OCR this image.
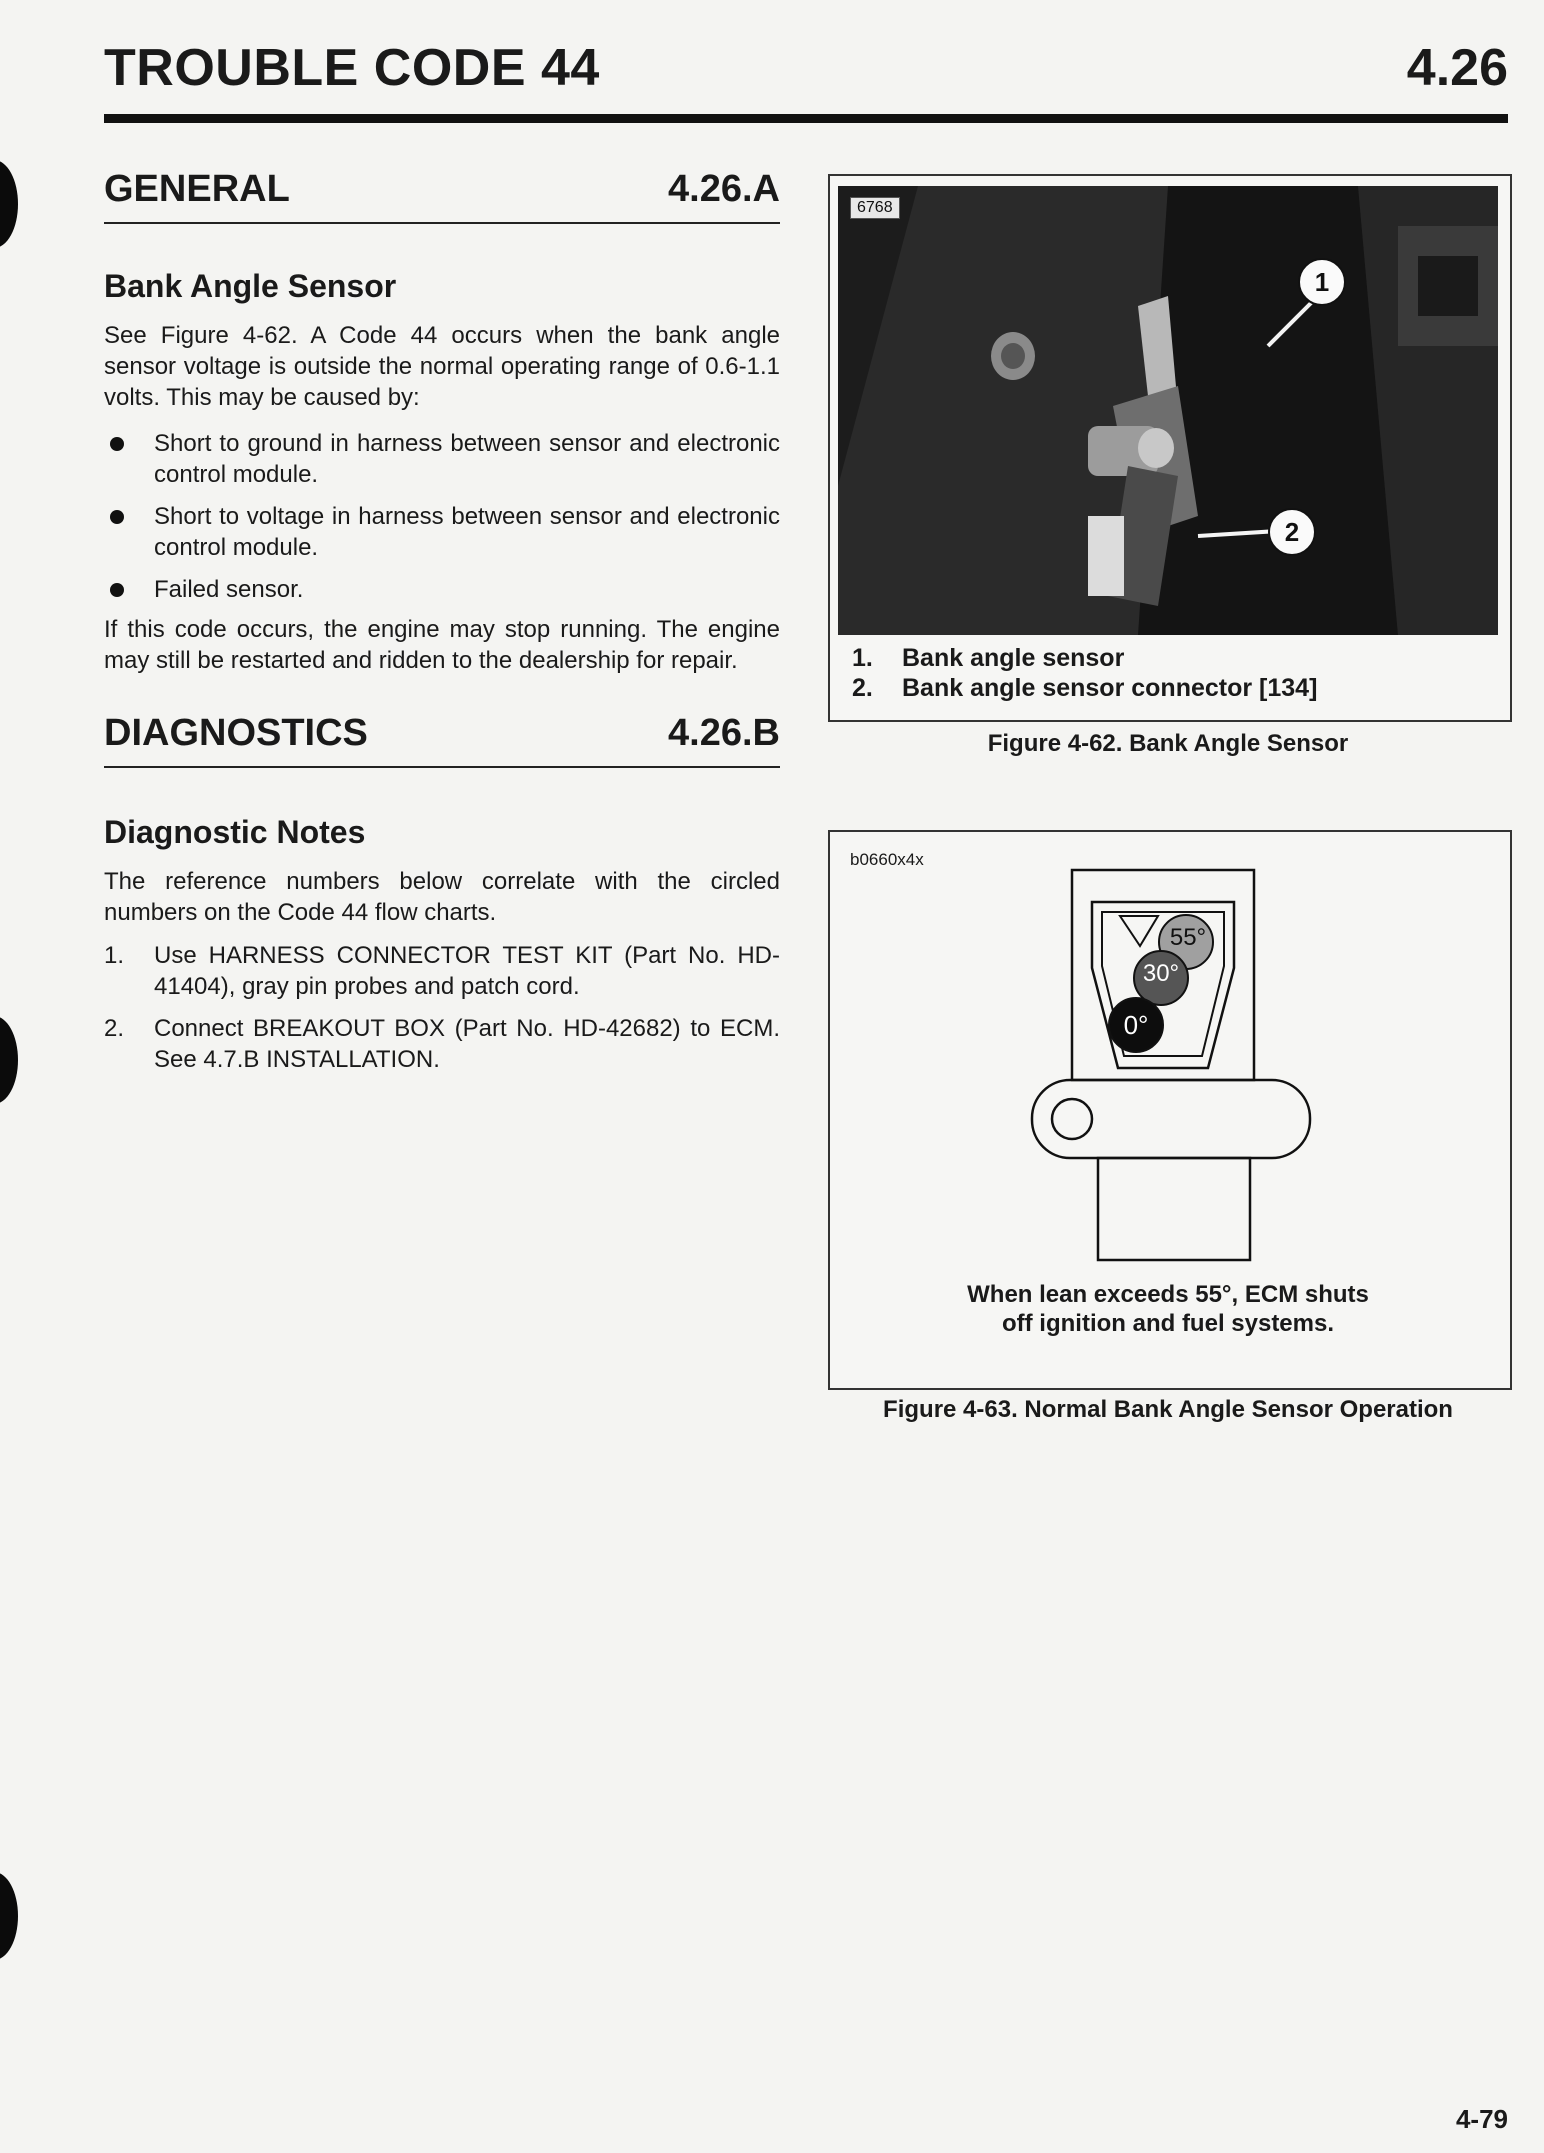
TROUBLE CODE 44	4.26
GENERAL	4.26.A
Bank Angle Sensor
See Figure 4-62. A Code 44 occurs when the bank angle sensor voltage is outside the normal operating range of 0.6-1.1 volts. This may be caused by:
Short to ground in harness between sensor and electronic control module.
Short to voltage in harness between sensor and electronic control module.
Failed sensor.
If this code occurs, the engine may stop running. The engine may still be restarted and ridden to the dealership for repair.
DIAGNOSTICS	4.26.B
Diagnostic Notes
The reference numbers below correlate with the circled numbers on the Code 44 flow charts.
1. Use HARNESS CONNECTOR TEST KIT (Part No. HD-41404), gray pin probes and patch cord.
2. Connect BREAKOUT BOX (Part No. HD-42682) to ECM. See 4.7.B INSTALLATION.
6768
1
2
1. Bank angle sensor
2. Bank angle sensor connector [134]
Figure 4-62. Bank Angle Sensor
b0660x4x
55°
30°
0°
When lean exceeds 55°, ECM shuts
off ignition and fuel systems.
Figure 4-63. Normal Bank Angle Sensor Operation
4-79
